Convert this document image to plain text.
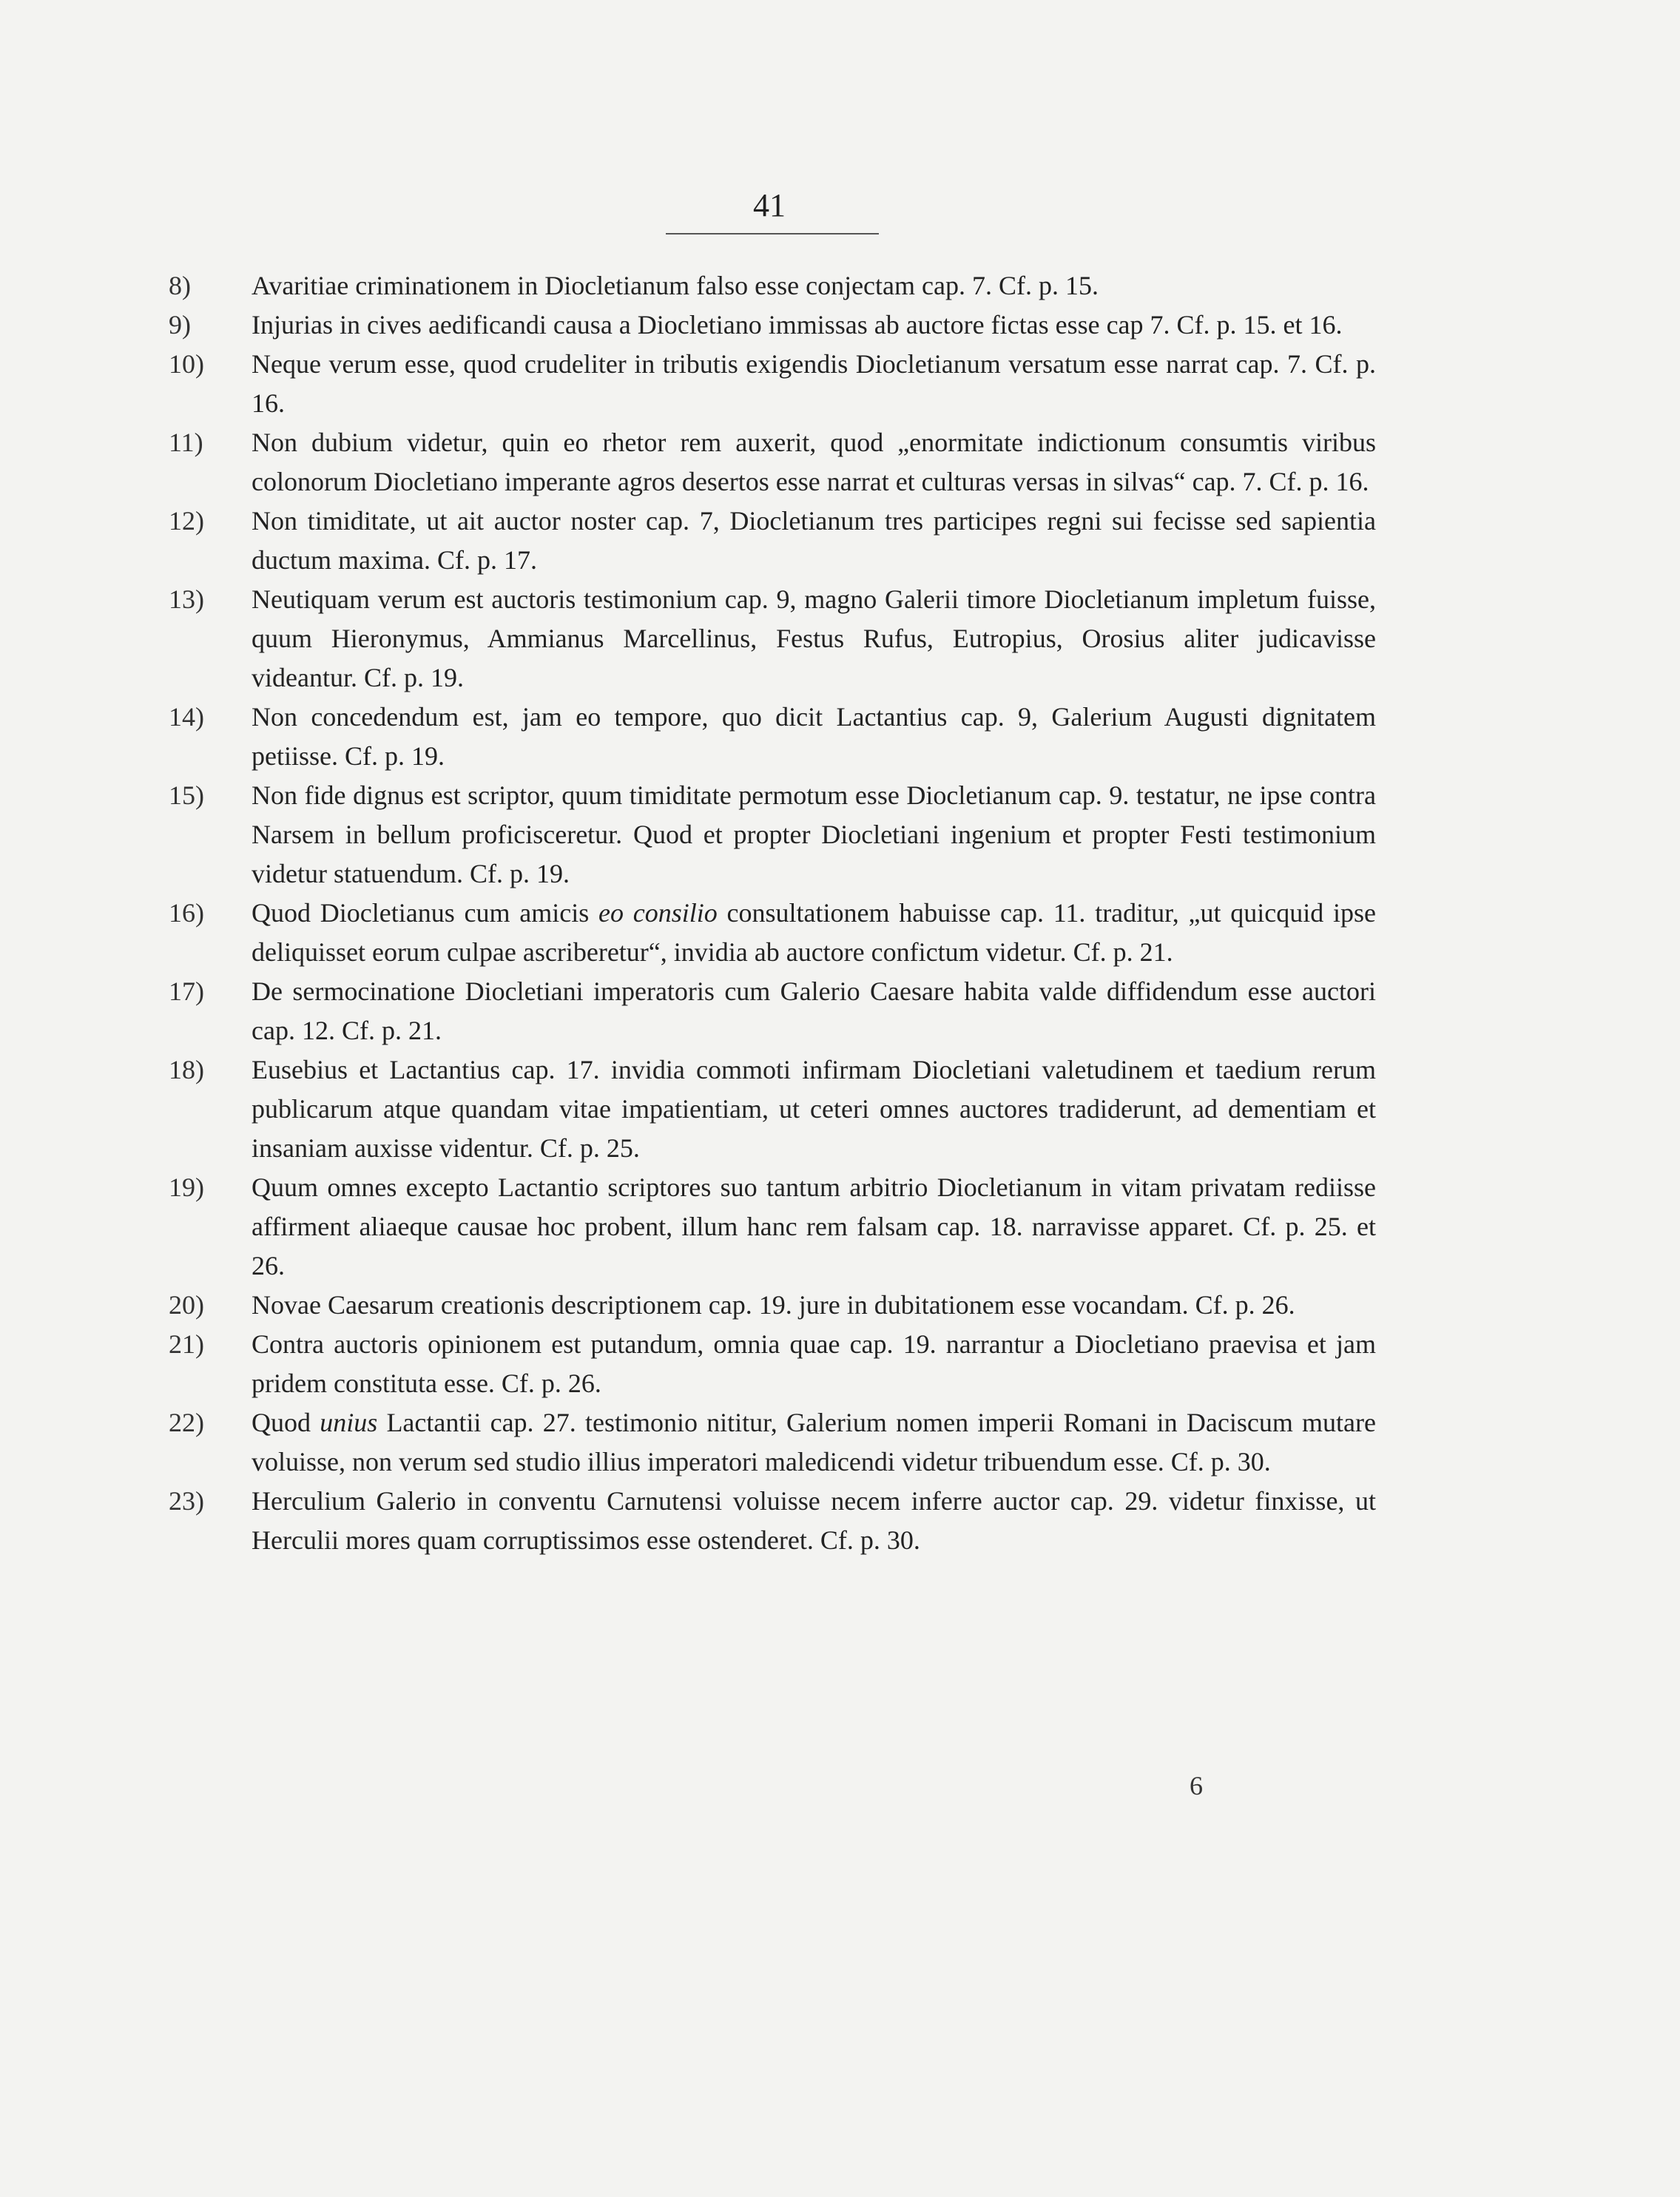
41
8)	Avaritiae criminationem in Diocletianum falso esse conjectam cap. 7. Cf. p. 15.
9)	Injurias in cives aedificandi causa a Diocletiano immissas ab auctore fictas esse cap 7. Cf. p. 15. et 16.
10)	Neque verum esse, quod crudeliter in tributis exigendis Diocletianum versatum esse narrat cap. 7. Cf. p. 16.
11)	Non dubium videtur, quin eo rhetor rem auxerit, quod „enormitate indictionum consumtis viribus colonorum Diocletiano imperante agros desertos esse narrat et culturas versas in silvas“ cap. 7. Cf. p. 16.
12)	Non timiditate, ut ait auctor noster cap. 7, Diocletianum tres participes regni sui fecisse sed sapientia ductum maxima. Cf. p. 17.
13)	Neutiquam verum est auctoris testimonium cap. 9, magno Galerii timore Diocletianum impletum fuisse, quum Hieronymus, Ammianus Marcellinus, Festus Rufus, Eutropius, Orosius aliter judicavisse videantur. Cf. p. 19.
14)	Non concedendum est, jam eo tempore, quo dicit Lactantius cap. 9, Galerium Augusti dignitatem petiisse. Cf. p. 19.
15)	Non fide dignus est scriptor, quum timiditate permotum esse Diocletianum cap. 9. testatur, ne ipse contra Narsem in bellum proficisceretur. Quod et propter Diocletiani ingenium et propter Festi testimonium videtur statuendum. Cf. p. 19.
16)	Quod Diocletianus cum amicis eo consilio consultationem habuisse cap. 11. traditur, „ut quicquid ipse deliquisset eorum culpae ascriberetur“, invidia ab auctore confictum videtur. Cf. p. 21.
17)	De sermocinatione Diocletiani imperatoris cum Galerio Caesare habita valde diffidendum esse auctori cap. 12. Cf. p. 21.
18)	Eusebius et Lactantius cap. 17. invidia commoti infirmam Diocletiani valetudinem et taedium rerum publicarum atque quandam vitae impatientiam, ut ceteri omnes auctores tradiderunt, ad dementiam et insaniam auxisse videntur. Cf. p. 25.
19)	Quum omnes excepto Lactantio scriptores suo tantum arbitrio Diocletianum in vitam privatam rediisse affirment aliaeque causae hoc probent, illum hanc rem falsam cap. 18. narravisse apparet. Cf. p. 25. et 26.
20)	Novae Caesarum creationis descriptionem cap. 19. jure in dubitationem esse vocandam. Cf. p. 26.
21)	Contra auctoris opinionem est putandum, omnia quae cap. 19. narrantur a Diocletiano praevisa et jam pridem constituta esse. Cf. p. 26.
22)	Quod unius Lactantii cap. 27. testimonio nititur, Galerium nomen imperii Romani in Daciscum mutare voluisse, non verum sed studio illius imperatori maledicendi videtur tribuendum esse. Cf. p. 30.
23)	Herculium Galerio in conventu Carnutensi voluisse necem inferre auctor cap. 29. videtur finxisse, ut Herculii mores quam corruptissimos esse ostenderet. Cf. p. 30.
6
